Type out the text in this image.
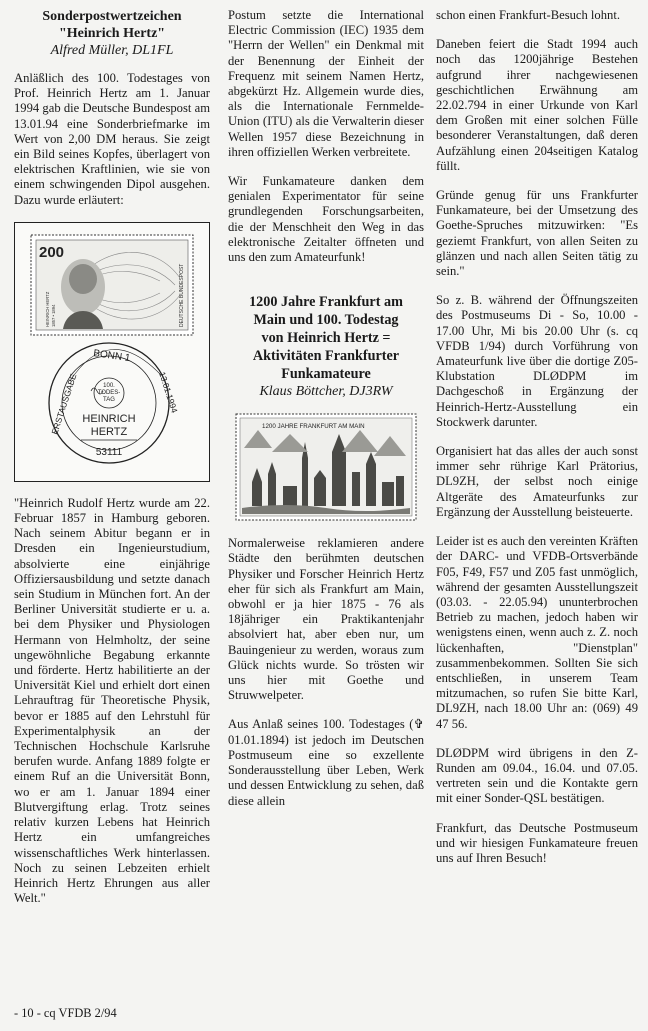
Sonderpostwertzeichen
"Heinrich Hertz"
Alfred Müller, DL1FL

Anläßlich des 100. Todestages von Prof. Heinrich Hertz am 1. Januar 1994 gab die Deutsche Bundespost am 13.01.94 eine Sonderbriefmarke im Wert von 2,00 DM heraus. Sie zeigt ein Bild seines Kopfes, überlagert von elektrischen Kraftlinien, wie sie von einem schwingenden Dipol ausgehen. Dazu wurde erläutert:

200
DEUTSCHE BUNDESPOST
HEINRICH HERTZ 1857 • 1894
ERSTAUSGABE
BONN 1
13.01.1994
100.
TODES-
TAG
HEINRICH
HERTZ
53111

"Heinrich Rudolf Hertz wurde am 22. Februar 1857 in Hamburg geboren. Nach seinem Abitur begann er in Dresden ein Ingenieurstudium, absolvierte eine einjährige Offiziersausbildung und setzte danach sein Studium in München fort. An der Berliner Universität studierte er u. a. bei dem Physiker und Physiologen Hermann von Helmholtz, der seine ungewöhnliche Begabung erkannte und förderte. Hertz habilitierte an der Universität Kiel und erhielt dort einen Lehrauftrag für Theoretische Physik, bevor er 1885 auf den Lehrstuhl für Experimentalphysik an der Technischen Hochschule Karlsruhe berufen wurde. Anfang 1889 folgte er einem Ruf an die Universität Bonn, wo er am 1. Januar 1894 einer Blutvergiftung erlag. Trotz seines relativ kurzen Lebens hat Heinrich Hertz ein umfangreiches wissenschaftliches Werk hinterlassen. Noch zu seinen Lebzeiten erhielt Heinrich Hertz Ehrungen aus aller Welt."

Postum setzte die International Electric Commission (IEC) 1935 dem "Herrn der Wellen" ein Denkmal mit der Benennung der Einheit der Frequenz mit seinem Namen Hertz, abgekürzt Hz. Allgemein wurde dies, als die Internationale Fernmelde-Union (ITU) als die Verwalterin dieser Wellen 1957 diese Bezeichnung in ihren offiziellen Werken verbreitete.

Wir Funkamateure danken dem genialen Experimentator für seine grundlegenden Forschungsarbeiten, die der Menschheit den Weg in das elektronische Zeitalter öffneten und uns den zum Amateurfunk!

1200 Jahre Frankfurt am
Main und 100. Todestag
von Heinrich Hertz =
Aktivitäten Frankfurter
Funkamateure
Klaus Böttcher, DJ3RW
1200 JAHRE FRANKFURT AM MAIN

Normalerweise reklamieren andere Städte den berühmten deutschen Physiker und Forscher Heinrich Hertz eher für sich als Frankfurt am Main, obwohl er ja hier 1875 - 76 als 18jähriger ein Praktikantenjahr absolviert hat, aber eben nur, um Bauingenieur zu werden, woraus zum Glück nichts wurde. So trösten wir uns hier mit Goethe und Struwwelpeter.

Aus Anlaß seines 100. Todestages (✞ 01.01.1894) ist jedoch im Deutschen Postmuseum eine so exzellente Sonderausstellung über Leben, Werk und dessen Entwicklung zu sehen, daß diese allein

schon einen Frankfurt-Besuch lohnt.

Daneben feiert die Stadt 1994 auch noch das 1200jährige Bestehen aufgrund ihrer nachgewiesenen geschichtlichen Erwähnung am 22.02.794 in einer Urkunde von Karl dem Großen mit einer solchen Fülle besonderer Veranstaltungen, daß deren Aufzählung einen 204seitigen Katalog füllt.

Gründe genug für uns Frankfurter Funkamateure, bei der Umsetzung des Goethe-Spruches mitzuwirken: "Es geziemt Frankfurt, von allen Seiten zu glänzen und nach allen Seiten tätig zu sein."

So z. B. während der Öffnungszeiten des Postmuseums Di - So, 10.00 - 17.00 Uhr, Mi bis 20.00 Uhr (s. cq VFDB 1/94) durch Vorführung von Amateurfunk live über die dortige Z05-Klubstation DLØDPM im Dachgeschoß in Ergänzung der Heinrich-Hertz-Ausstellung ein Stockwerk darunter.

Organisiert hat das alles der auch sonst immer sehr rührige Karl Prätorius, DL9ZH, der selbst noch einige Altgeräte des Amateurfunks zur Ergänzung der Ausstellung beisteuerte.

Leider ist es auch den vereinten Kräften der DARC- und VFDB-Ortsverbände F05, F49, F57 und Z05 fast unmöglich, während der gesamten Ausstellungszeit (03.03. - 22.05.94) ununterbrochen Betrieb zu machen, jedoch haben wir wenigstens einen, wenn auch z. Z. noch lückenhaften, "Dienstplan" zusammenbekommen. Sollten Sie sich entschließen, in unserem Team mitzumachen, so rufen Sie bitte Karl, DL9ZH, nach 18.00 Uhr an: (069) 49 47 56.

DLØDPM wird übrigens in den Z-Runden am 09.04., 16.04. und 07.05. vertreten sein und die Kontakte gern mit einer Sonder-QSL bestätigen.

Frankfurt, das Deutsche Postmuseum und wir hiesigen Funkamateure freuen uns auf Ihren Besuch!

- 10 - cq VFDB 2/94
